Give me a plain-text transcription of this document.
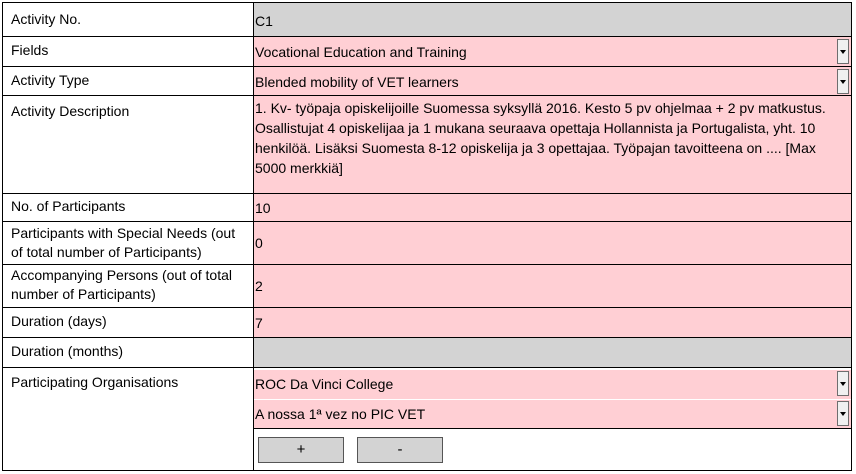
Activity No.
Fields
Activity Type
Activity Description
No. of Participants
Participants with Special Needs (out
of total number of Participants)
Accompanying Persons (out of total
number of Participants)
Duration (days)
Duration (months)
Participating Organisations
C1
Vocational Education and Training
Blended mobility of VET learners
1. Kv- työpaja opiskelijoille Suomessa syksyllä 2016. Kesto 5 pv ohjelmaa + 2 pv matkustus. Osallistujat 4 opiskelijaa ja 1 mukana seuraava opettaja Hollannista ja Portugalista, yht. 10 henkilöä. Lisäksi Suomesta 8-12 opiskelija ja 3 opettajaa. Työpajan tavoitteena on .... [Max 5000 merkkiä]
10
0
2
7
ROC Da Vinci College
A nossa 1ª vez no PIC VET
+	-
